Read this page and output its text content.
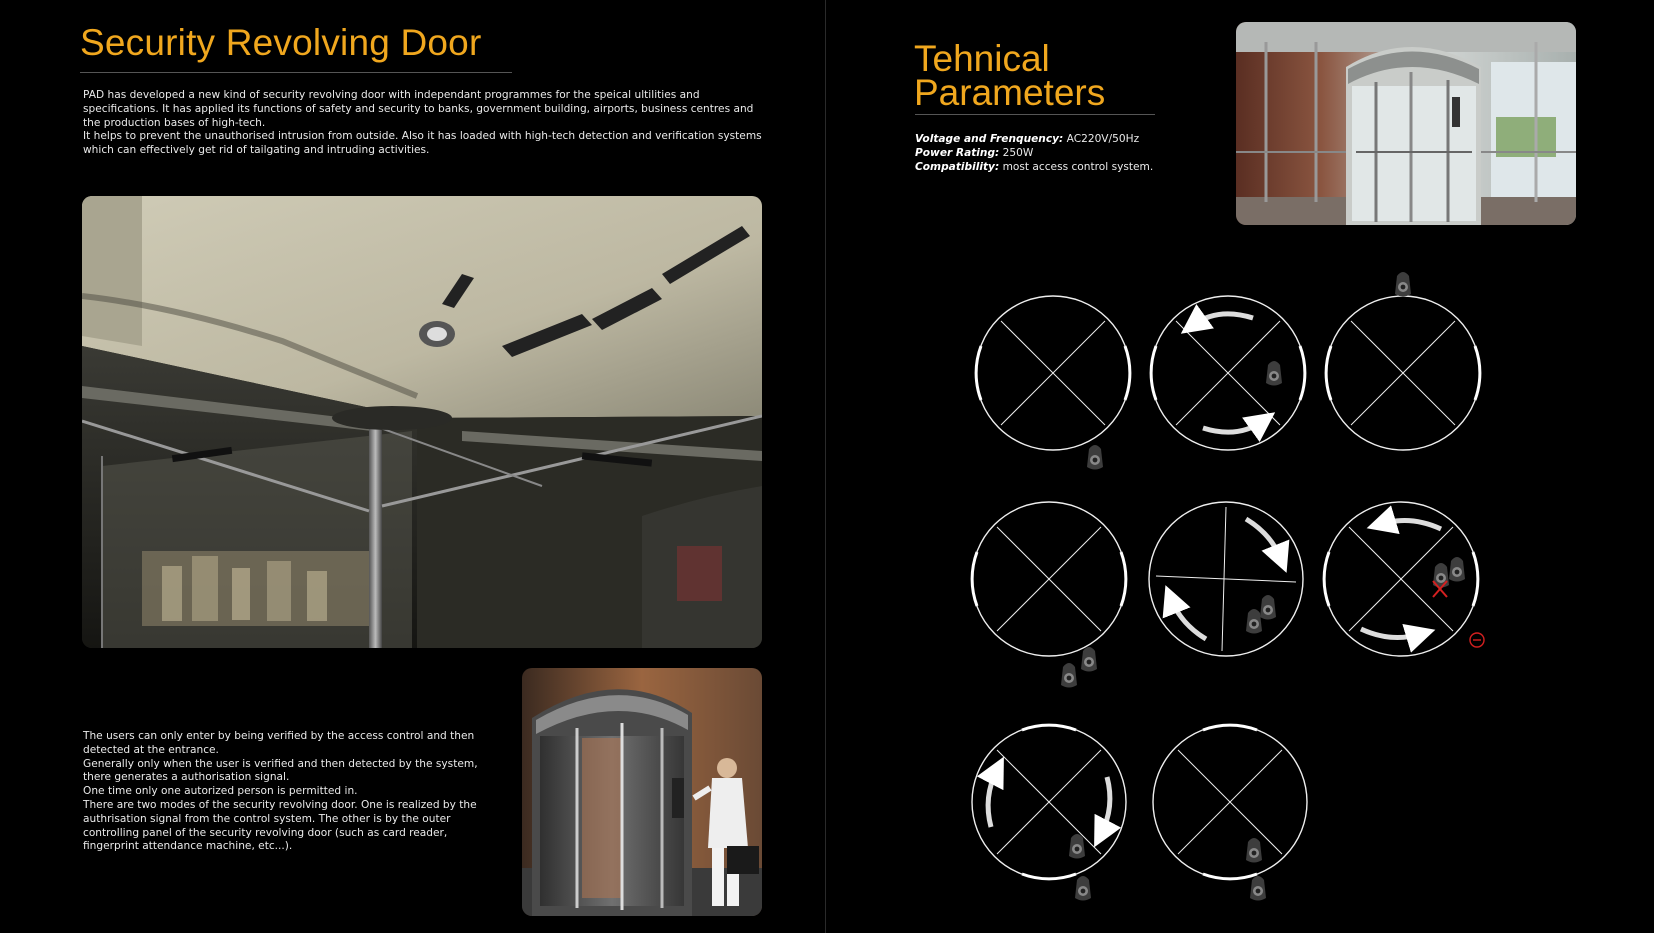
Security Revolving Door

PAD has developed a new kind of security revolving door with independant programmes for the speical ultilities and specifications. It has applied its functions of safety and security to banks, government building, airports, business centres and the production bases of high-tech.

It helps to prevent the unauthorised intrusion from outside. Also it has loaded with high-tech detection and verification systems which can effectively get rid of tailgating and intruding activities.

The users can only enter by being verified by the access control and then detected at the entrance.

Generally only when the user is verified and then detected by the system, there generates a authorisation signal.

One time only one autorized person is permitted in.

There are two modes of the security revolving door. One is realized by the authrisation signal from the control system. The other is by the outer controlling panel of the security revolving door (such as card reader, fingerprint attendance machine, etc...).

Tehnical
Parameters
Voltage and Frenquency: AC220V/50Hz
Power Rating: 250W
Compatibility: most access control system.
